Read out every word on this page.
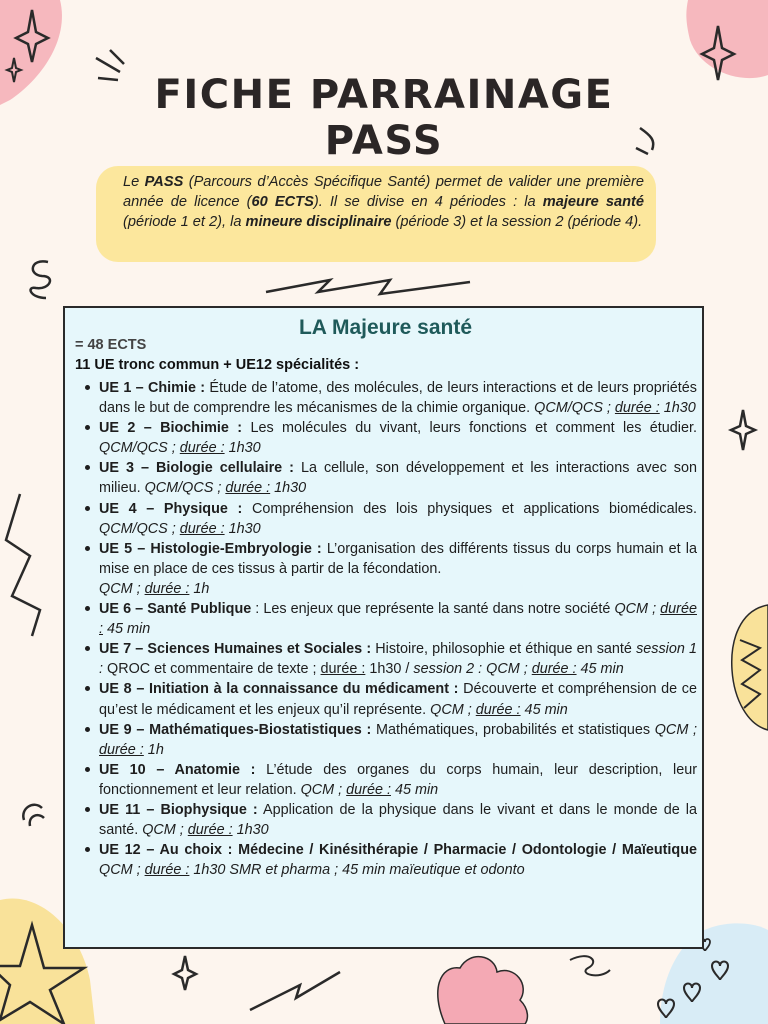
FICHE PARRAINAGE
PASS

Le PASS (Parcours d’Accès Spécifique Santé) permet de valider une première année de licence (60 ECTS). Il se divise en 4 périodes : la majeure santé (période 1 et 2), la mineure disciplinaire (période 3) et la session 2 (période 4).

LA Majeure santé
= 48 ECTS
11 UE tronc commun + UE12 spécialités :
UE 1 – Chimie : Étude de l’atome, des molécules, de leurs interactions et de leurs propriétés dans le but de comprendre les mécanismes de la chimie organique. QCM/QCS ; durée : 1h30
UE 2 – Biochimie : Les molécules du vivant, leurs fonctions et comment les étudier. QCM/QCS ; durée : 1h30
UE 3 – Biologie cellulaire : La cellule, son développement et les interactions avec son milieu. QCM/QCS ; durée : 1h30
UE 4 – Physique : Compréhension des lois physiques et applications biomédicales. QCM/QCS ; durée : 1h30
UE 5 – Histologie-Embryologie : L’organisation des différents tissus du corps humain et la mise en place de ces tissus à partir de la fécondation.
QCM ; durée : 1h
UE 6 – Santé Publique : Les enjeux que représente la santé dans notre société QCM ; durée : 45 min
UE 7 – Sciences Humaines et Sociales : Histoire, philosophie et éthique en santé session 1 : QROC et commentaire de texte ; durée : 1h30 / session 2 : QCM ; durée : 45 min
UE 8 – Initiation à la connaissance du médicament : Découverte et compréhension de ce qu’est le médicament et les enjeux qu’il représente. QCM ; durée : 45 min
UE 9 – Mathématiques-Biostatistiques : Mathématiques, probabilités et statistiques QCM ; durée : 1h
UE 10 – Anatomie : L’étude des organes du corps humain, leur description, leur fonctionnement et leur relation. QCM ; durée : 45 min
UE 11 – Biophysique : Application de la physique dans le vivant et dans le monde de la santé. QCM ; durée : 1h30
UE 12 – Au choix : Médecine / Kinésithérapie / Pharmacie / Odontologie / Maïeutique QCM ; durée : 1h30 SMR et pharma ; 45 min maïeutique et odonto
